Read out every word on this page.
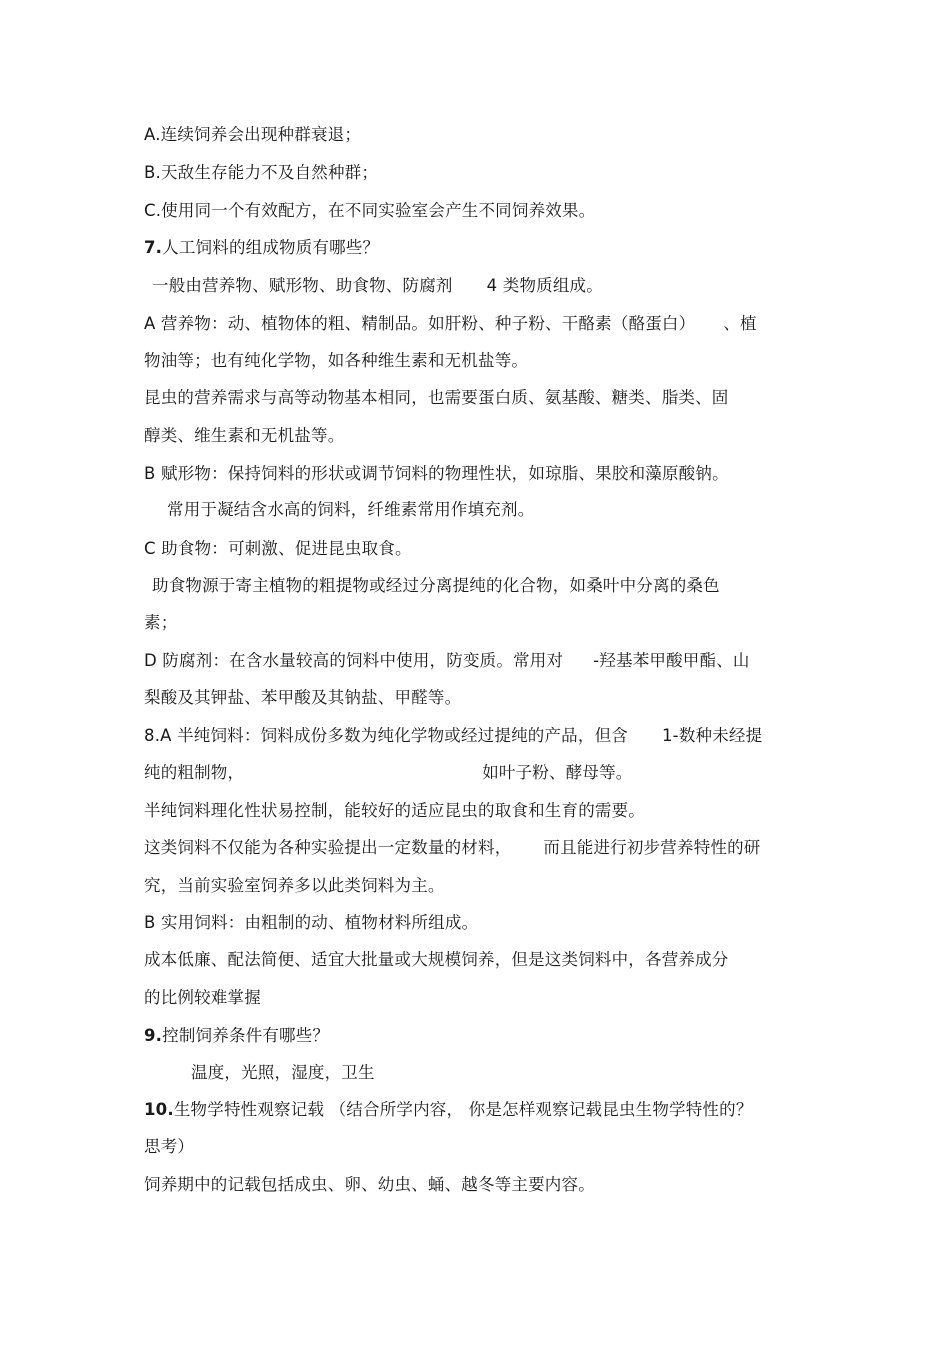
A.连续饲养会出现种群衰退；
B.天敌生存能力不及自然种群；
C.使用同一个有效配方，在不同实验室会产生不同饲养效果。
7.人工饲料的组成物质有哪些？
一般由营养物、赋形物、助食物、防腐剂 4 类物质组成。
A 营养物：动、植物体的粗、精制品。如肝粉、种子粉、干酪素（酪蛋白） 、植
物油等；也有纯化学物，如各种维生素和无机盐等。
昆虫的营养需求与高等动物基本相同，也需要蛋白质、氨基酸、糖类、脂类、固
醇类、维生素和无机盐等。
B 赋形物：保持饲料的形状或调节饲料的物理性状，如琼脂、果胶和藻原酸钠。
常用于凝结含水高的饲料，纤维素常用作填充剂。
C 助食物：可刺激、促进昆虫取食。
助食物源于寄主植物的粗提物或经过分离提纯的化合物，如桑叶中分离的桑色
素；
D 防腐剂：在含水量较高的饲料中使用，防变质。常用对 -羟基苯甲酸甲酯、山
梨酸及其钾盐、苯甲酸及其钠盐、甲醛等。
8.A 半纯饲料：饲料成份多数为纯化学物或经过提纯的产品，但含 1-数种未经提
纯的粗制物，	如叶子粉、酵母等。
半纯饲料理化性状易控制，能较好的适应昆虫的取食和生育的需要。
这类饲料不仅能为各种实验提出一定数量的材料， 而且能进行初步营养特性的研
究，当前实验室饲养多以此类饲料为主。
B 实用饲料：由粗制的动、植物材料所组成。
成本低廉、配法简便、适宜大批量或大规模饲养，但是这类饲料中，各营养成分
的比例较难掌握
9.控制饲养条件有哪些？
温度，光照，湿度，卫生
10.生物学特性观察记载 （结合所学内容， 你是怎样观察记载昆虫生物学特性的？
思考）
饲养期中的记载包括成虫、卵、幼虫、蛹、越冬等主要内容。
